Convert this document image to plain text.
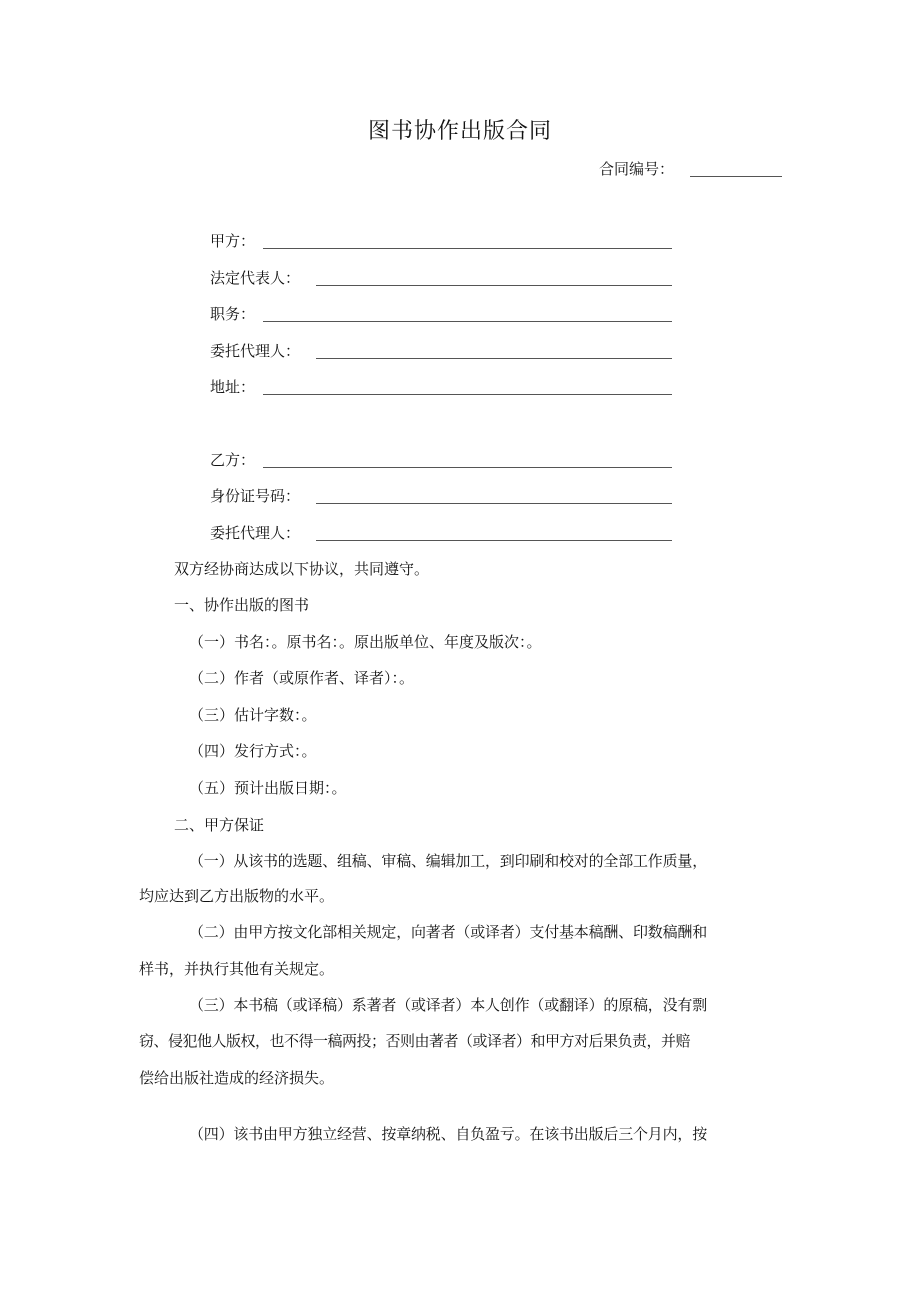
图书协作出版合同
合同编号：
甲方：
法定代表人：
职务：
委托代理人：
地址：
乙方：
身份证号码：
委托代理人：
双方经协商达成以下协议，共同遵守。
一、协作出版的图书
（一）书名：。原书名：。原出版单位、年度及版次：。
（二）作者（或原作者、译者）：。
（三）估计字数：。
（四）发行方式：。
（五）预计出版日期：。
二、甲方保证
（一）从该书的选题、组稿、审稿、编辑加工，到印刷和校对的全部工作质量，
均应达到乙方出版物的水平。
（二）由甲方按文化部相关规定，向著者（或译者）支付基本稿酬、印数稿酬和
样书，并执行其他有关规定。
（三）本书稿（或译稿）系著者（或译者）本人创作（或翻译）的原稿，没有剽
窃、侵犯他人版权，也不得一稿两投；否则由著者（或译者）和甲方对后果负责，并赔
偿给出版社造成的经济损失。
（四）该书由甲方独立经营、按章纳税、自负盈亏。在该书出版后三个月内，按
